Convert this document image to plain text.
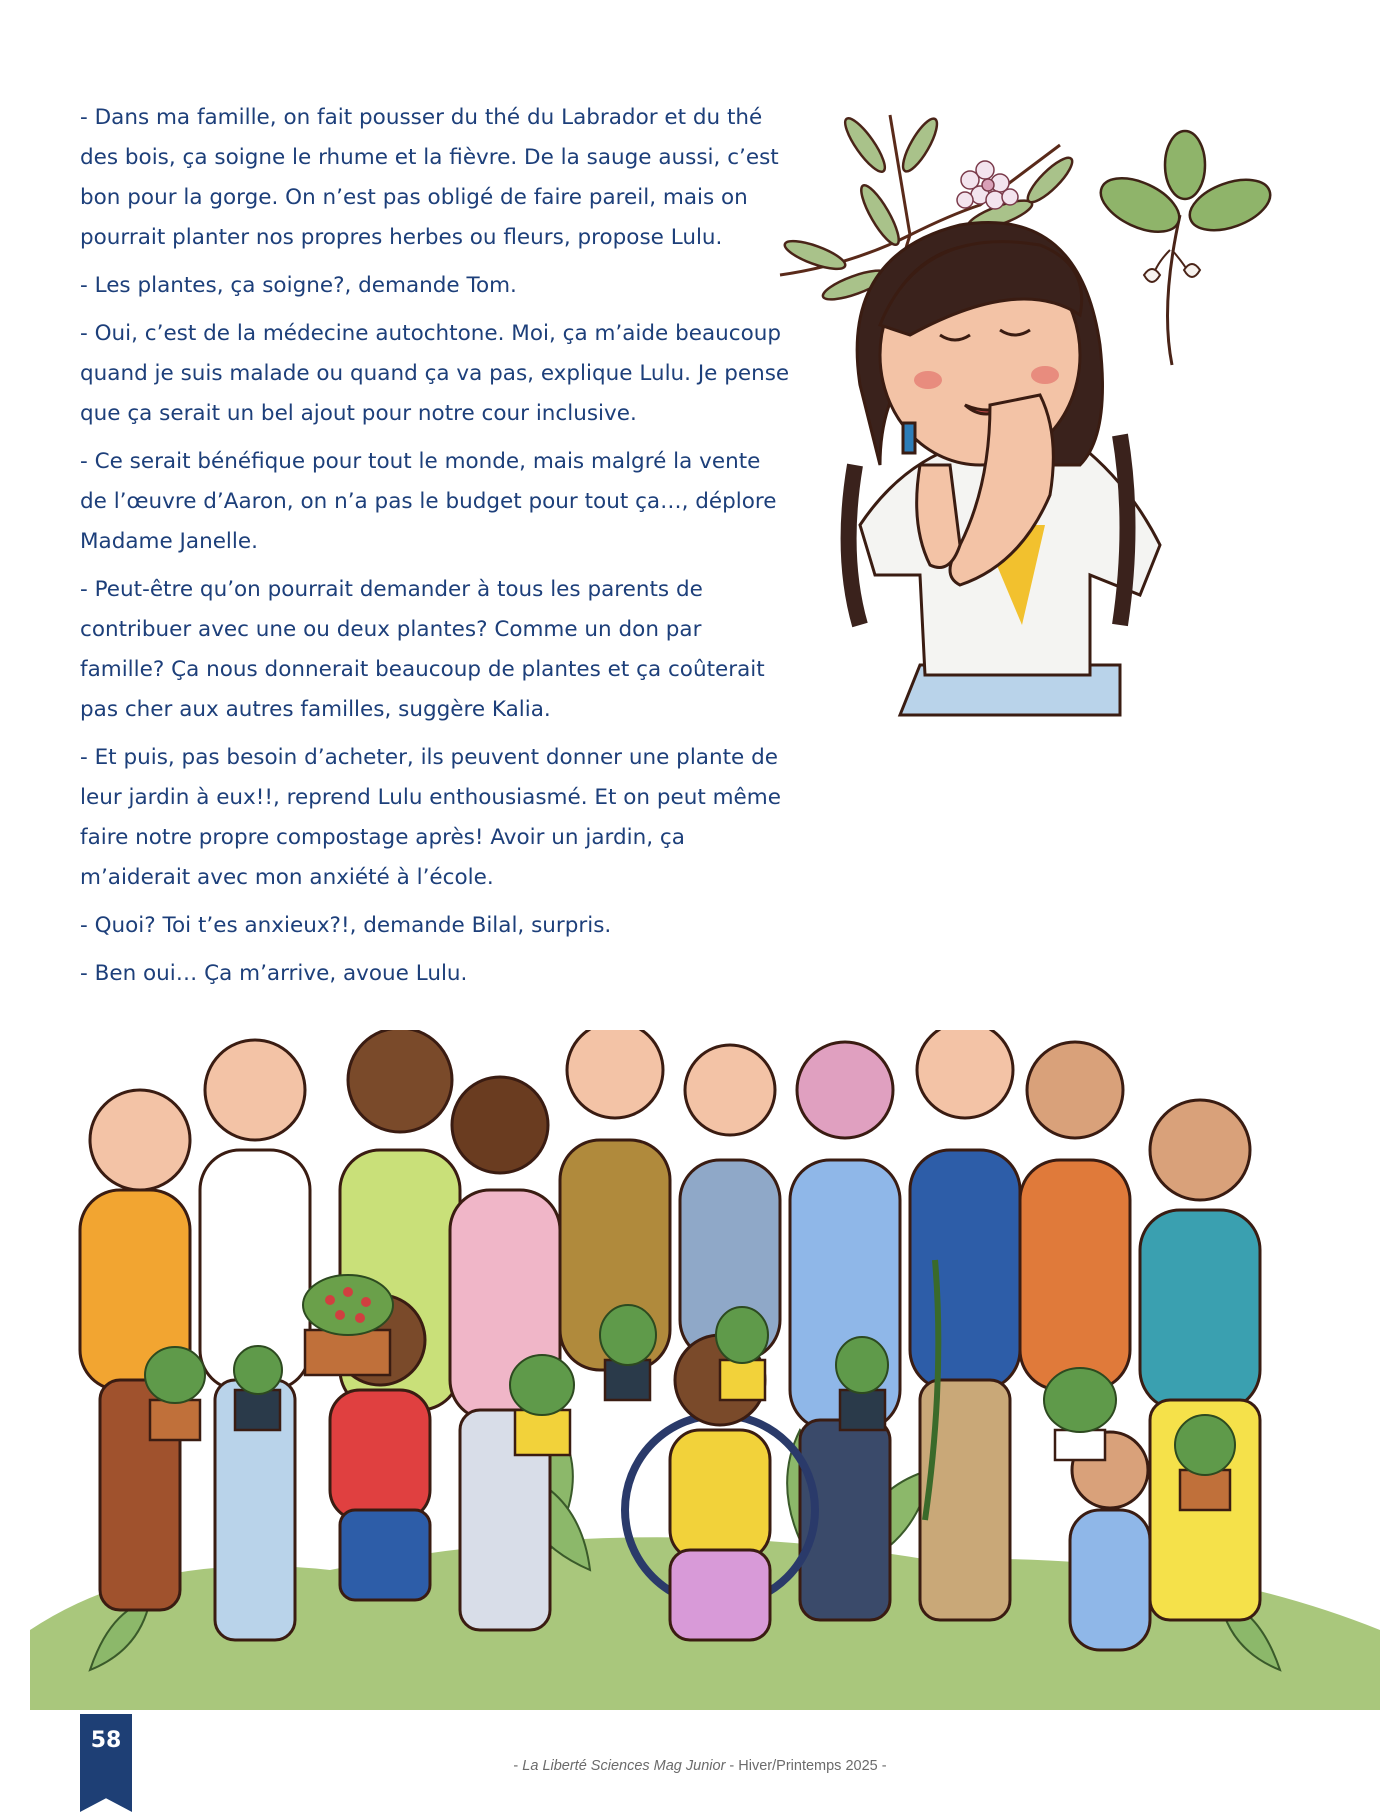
- Dans ma famille, on fait pousser du thé du Labrador et du thé des bois, ça soigne le rhume et la fièvre. De la sauge aussi, c’est bon pour la gorge. On n’est pas obligé de faire pareil, mais on pourrait planter nos propres herbes ou fleurs, propose Lulu.

- Les plantes, ça soigne?, demande Tom.

- Oui, c’est de la médecine autochtone. Moi, ça m’aide beaucoup quand je suis malade ou quand ça va pas, explique Lulu. Je pense que ça serait un bel ajout pour notre cour inclusive.

- Ce serait bénéfique pour tout le monde, mais malgré la vente de l’œuvre d’Aaron, on n’a pas le budget pour tout ça…, déplore Madame Janelle.

- Peut-être qu’on pourrait demander à tous les parents de contribuer avec une ou deux plantes? Comme un don par famille? Ça nous donnerait beaucoup de plantes et ça coûterait pas cher aux autres familles, suggère Kalia.

- Et puis, pas besoin d’acheter, ils peuvent donner une plante de leur jardin à eux!!, reprend Lulu enthousiasmé. Et on peut même faire notre propre compostage après! Avoir un jardin, ça m’aiderait avec mon anxiété à l’école.

- Quoi? Toi t’es anxieux?!, demande Bilal, surpris.

- Ben oui… Ça m’arrive, avoue Lulu.

58
- La Liberté Sciences Mag Junior - Hiver/Printemps 2025 -
